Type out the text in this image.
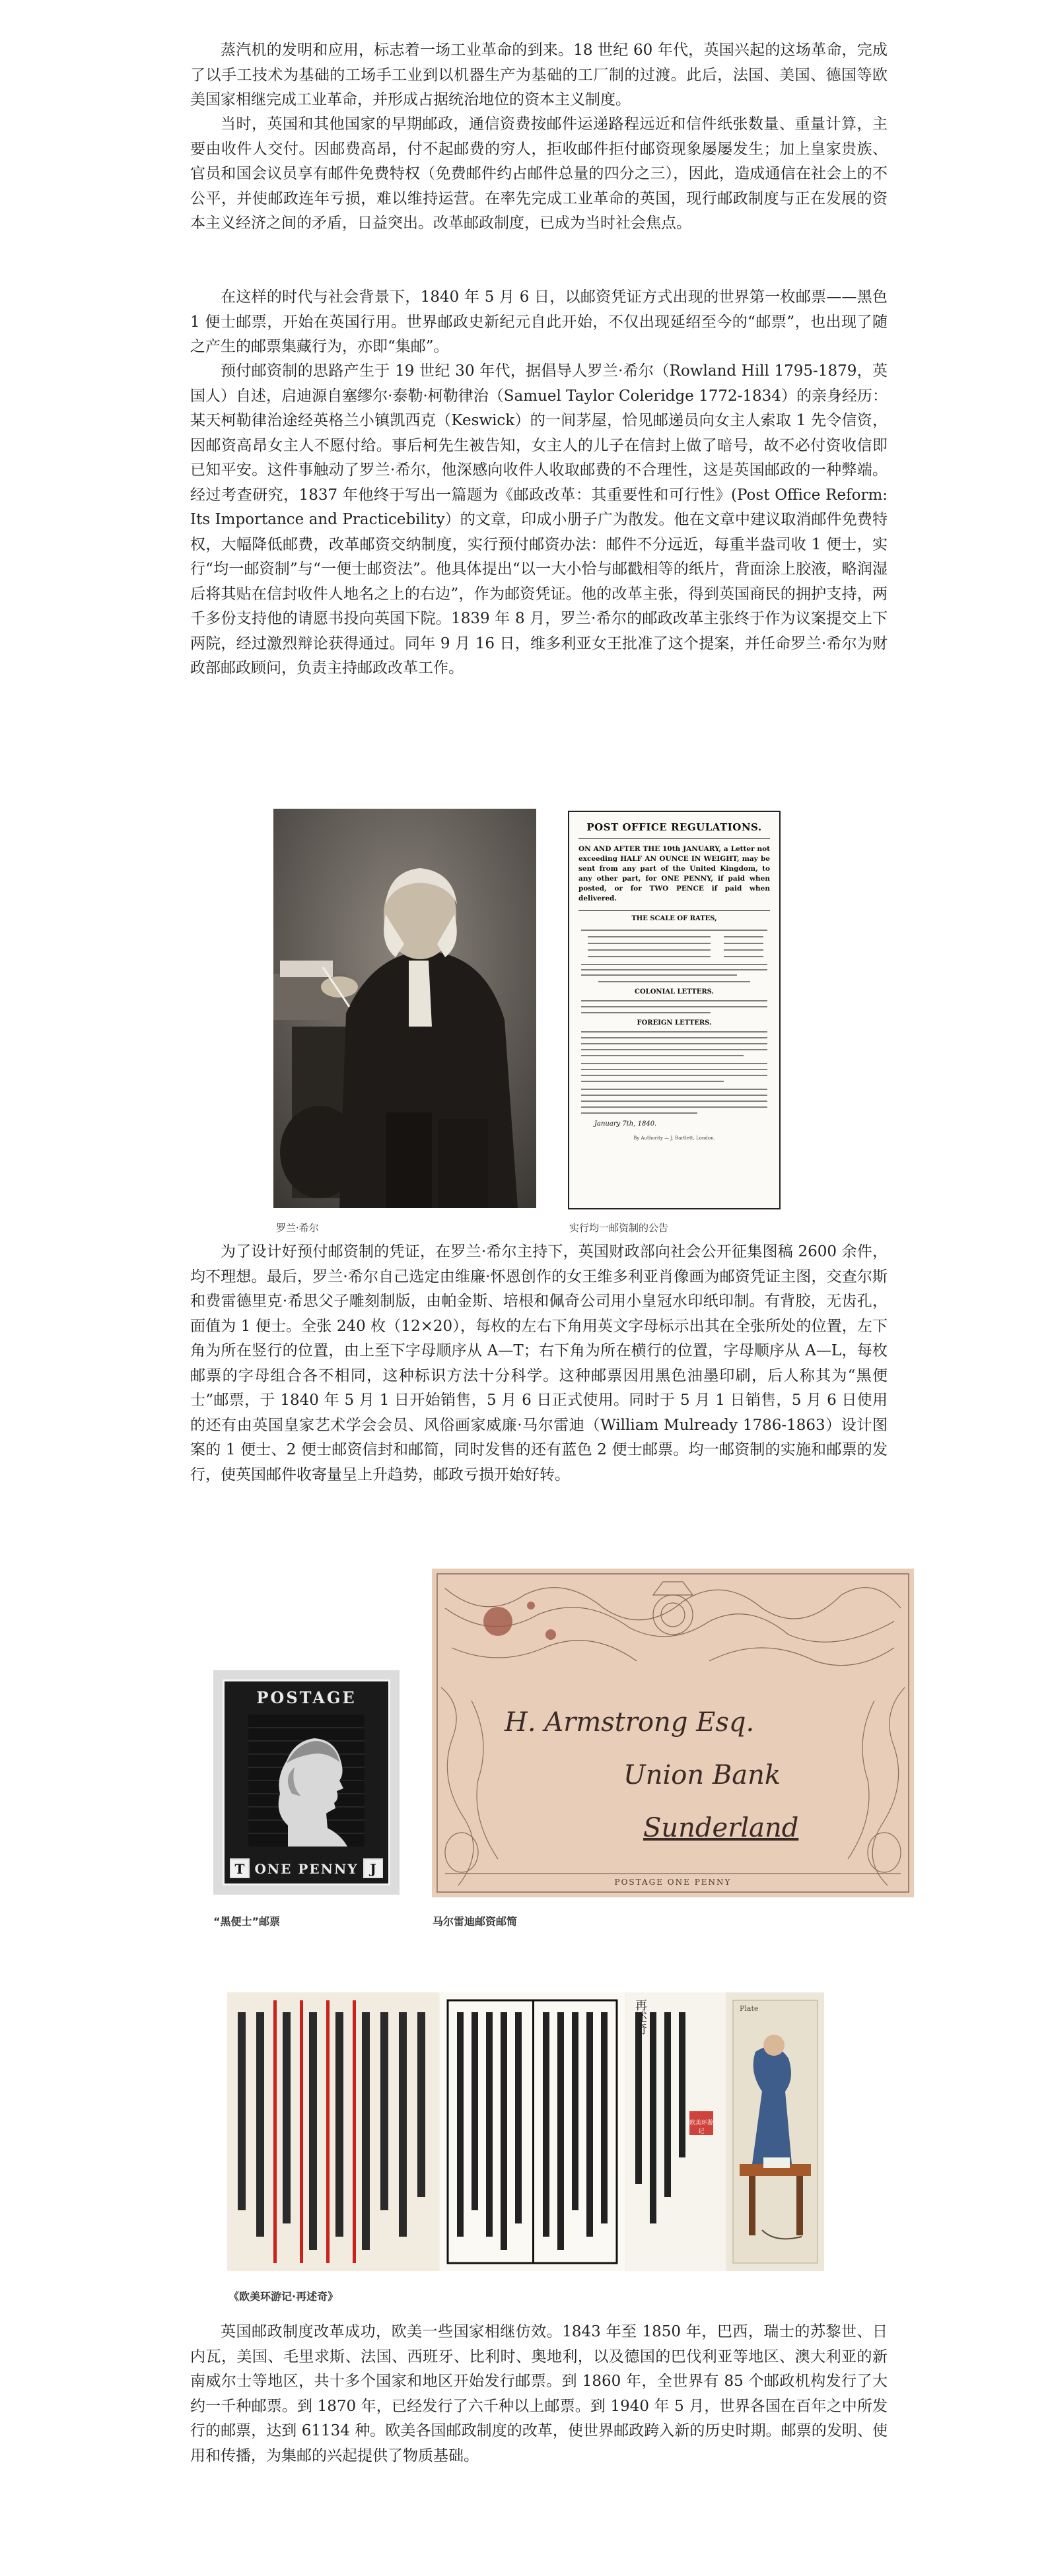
蒸汽机的发明和应用，标志着一场工业革命的到来。18 世纪 60 年代，英国兴起的这场革命，完成了以手工技术为基础的工场手工业到以机器生产为基础的工厂制的过渡。此后，法国、美国、德国等欧美国家相继完成工业革命，并形成占据统治地位的资本主义制度。

当时，英国和其他国家的早期邮政，通信资费按邮件运递路程远近和信件纸张数量、重量计算，主要由收件人交付。因邮费高昂，付不起邮费的穷人，拒收邮件拒付邮资现象屡屡发生；加上皇家贵族、官员和国会议员享有邮件免费特权（免费邮件约占邮件总量的四分之三），因此，造成通信在社会上的不公平，并使邮政连年亏损，难以维持运营。在率先完成工业革命的英国，现行邮政制度与正在发展的资本主义经济之间的矛盾，日益突出。改革邮政制度，已成为当时社会焦点。

在这样的时代与社会背景下，1840 年 5 月 6 日，以邮资凭证方式出现的世界第一枚邮票——黑色 1 便士邮票，开始在英国行用。世界邮政史新纪元自此开始，不仅出现延绍至今的“邮票”，也出现了随之产生的邮票集藏行为，亦即“集邮”。

预付邮资制的思路产生于 19 世纪 30 年代，据倡导人罗兰·希尔（Rowland Hill 1795-1879，英国人）自述，启迪源自塞缪尔·泰勒·柯勒律治（Samuel Taylor Coleridge 1772-1834）的亲身经历：某天柯勒律治途经英格兰小镇凯西克（Keswick）的一间茅屋，恰见邮递员向女主人索取 1 先令信资，因邮资高昂女主人不愿付给。事后柯先生被告知，女主人的儿子在信封上做了暗号，故不必付资收信即已知平安。这件事触动了罗兰·希尔，他深感向收件人收取邮费的不合理性，这是英国邮政的一种弊端。经过考查研究，1837 年他终于写出一篇题为《邮政改革：其重要性和可行性》(Post Office Reform: Its Importance and Practicebility）的文章，印成小册子广为散发。他在文章中建议取消邮件免费特权，大幅降低邮费，改革邮资交纳制度，实行预付邮资办法：邮件不分远近，每重半盎司收 1 便士，实行“均一邮资制”与“一便士邮资法”。他具体提出“以一大小恰与邮戳相等的纸片，背面涂上胶液，略润湿后将其贴在信封收件人地名之上的右边”，作为邮资凭证。他的改革主张，得到英国商民的拥护支持，两千多份支持他的请愿书投向英国下院。1839 年 8 月，罗兰·希尔的邮政改革主张终于作为议案提交上下两院，经过激烈辩论获得通过。同年 9 月 16 日，维多利亚女王批准了这个提案，并任命罗兰·希尔为财政部邮政顾问，负责主持邮政改革工作。

罗兰·希尔

POST OFFICE REGULATIONS.
ON AND AFTER THE 10th JANUARY, a Letter not exceeding HALF AN OUNCE IN WEIGHT, may be sent from any part of the United Kingdom, to any other part, for ONE PENNY, if paid when posted, or for TWO PENCE if paid when delivered.
THE SCALE OF RATES,
COLONIAL LETTERS.
FOREIGN LETTERS.
January 7th, 1840.
By Authority — J. Bartlett, London.

实行均一邮资制的公告

为了设计好预付邮资制的凭证，在罗兰·希尔主持下，英国财政部向社会公开征集图稿 2600 余件，均不理想。最后，罗兰·希尔自己选定由维廉·怀恩创作的女王维多利亚肖像画为邮资凭证主图，交查尔斯和费雷德里克·希思父子雕刻制版，由帕金斯、培根和佩奇公司用小皇冠水印纸印制。有背胶，无齿孔，面值为 1 便士。全张 240 枚（12×20），每枚的左右下角用英文字母标示出其在全张所处的位置，左下角为所在竖行的位置，由上至下字母顺序从 A—T；右下角为所在横行的位置，字母顺序从 A—L，每枚邮票的字母组合各不相同，这种标识方法十分科学。这种邮票因用黑色油墨印刷，后人称其为“黑便士”邮票，于 1840 年 5 月 1 日开始销售，5 月 6 日正式使用。同时于 5 月 1 日销售，5 月 6 日使用的还有由英国皇家艺术学会会员、风俗画家威廉·马尔雷迪（William Mulready 1786-1863）设计图案的 1 便士、2 便士邮资信封和邮简，同时发售的还有蓝色 2 便士邮票。均一邮资制的实施和邮票的发行，使英国邮件收寄量呈上升趋势，邮政亏损开始好转。

POSTAGE
T	J
ONE PENNY

“黑便士”邮票

H. Armstrong Esq.
Union Bank
Sunderland
POSTAGE ONE PENNY

马尔雷迪邮资邮简

再述奇	Plate
欧美环游记

《欧美环游记·再述奇》

英国邮政制度改革成功，欧美一些国家相继仿效。1843 年至 1850 年，巴西，瑞士的苏黎世、日内瓦，美国、毛里求斯、法国、西班牙、比利时、奥地利，以及德国的巴伐利亚等地区、澳大利亚的新南威尔士等地区，共十多个国家和地区开始发行邮票。到 1860 年，全世界有 85 个邮政机构发行了大约一千种邮票。到 1870 年，已经发行了六千种以上邮票。到 1940 年 5 月，世界各国在百年之中所发行的邮票，达到 61134 种。欧美各国邮政制度的改革，使世界邮政跨入新的历史时期。邮票的发明、使用和传播，为集邮的兴起提供了物质基础。
